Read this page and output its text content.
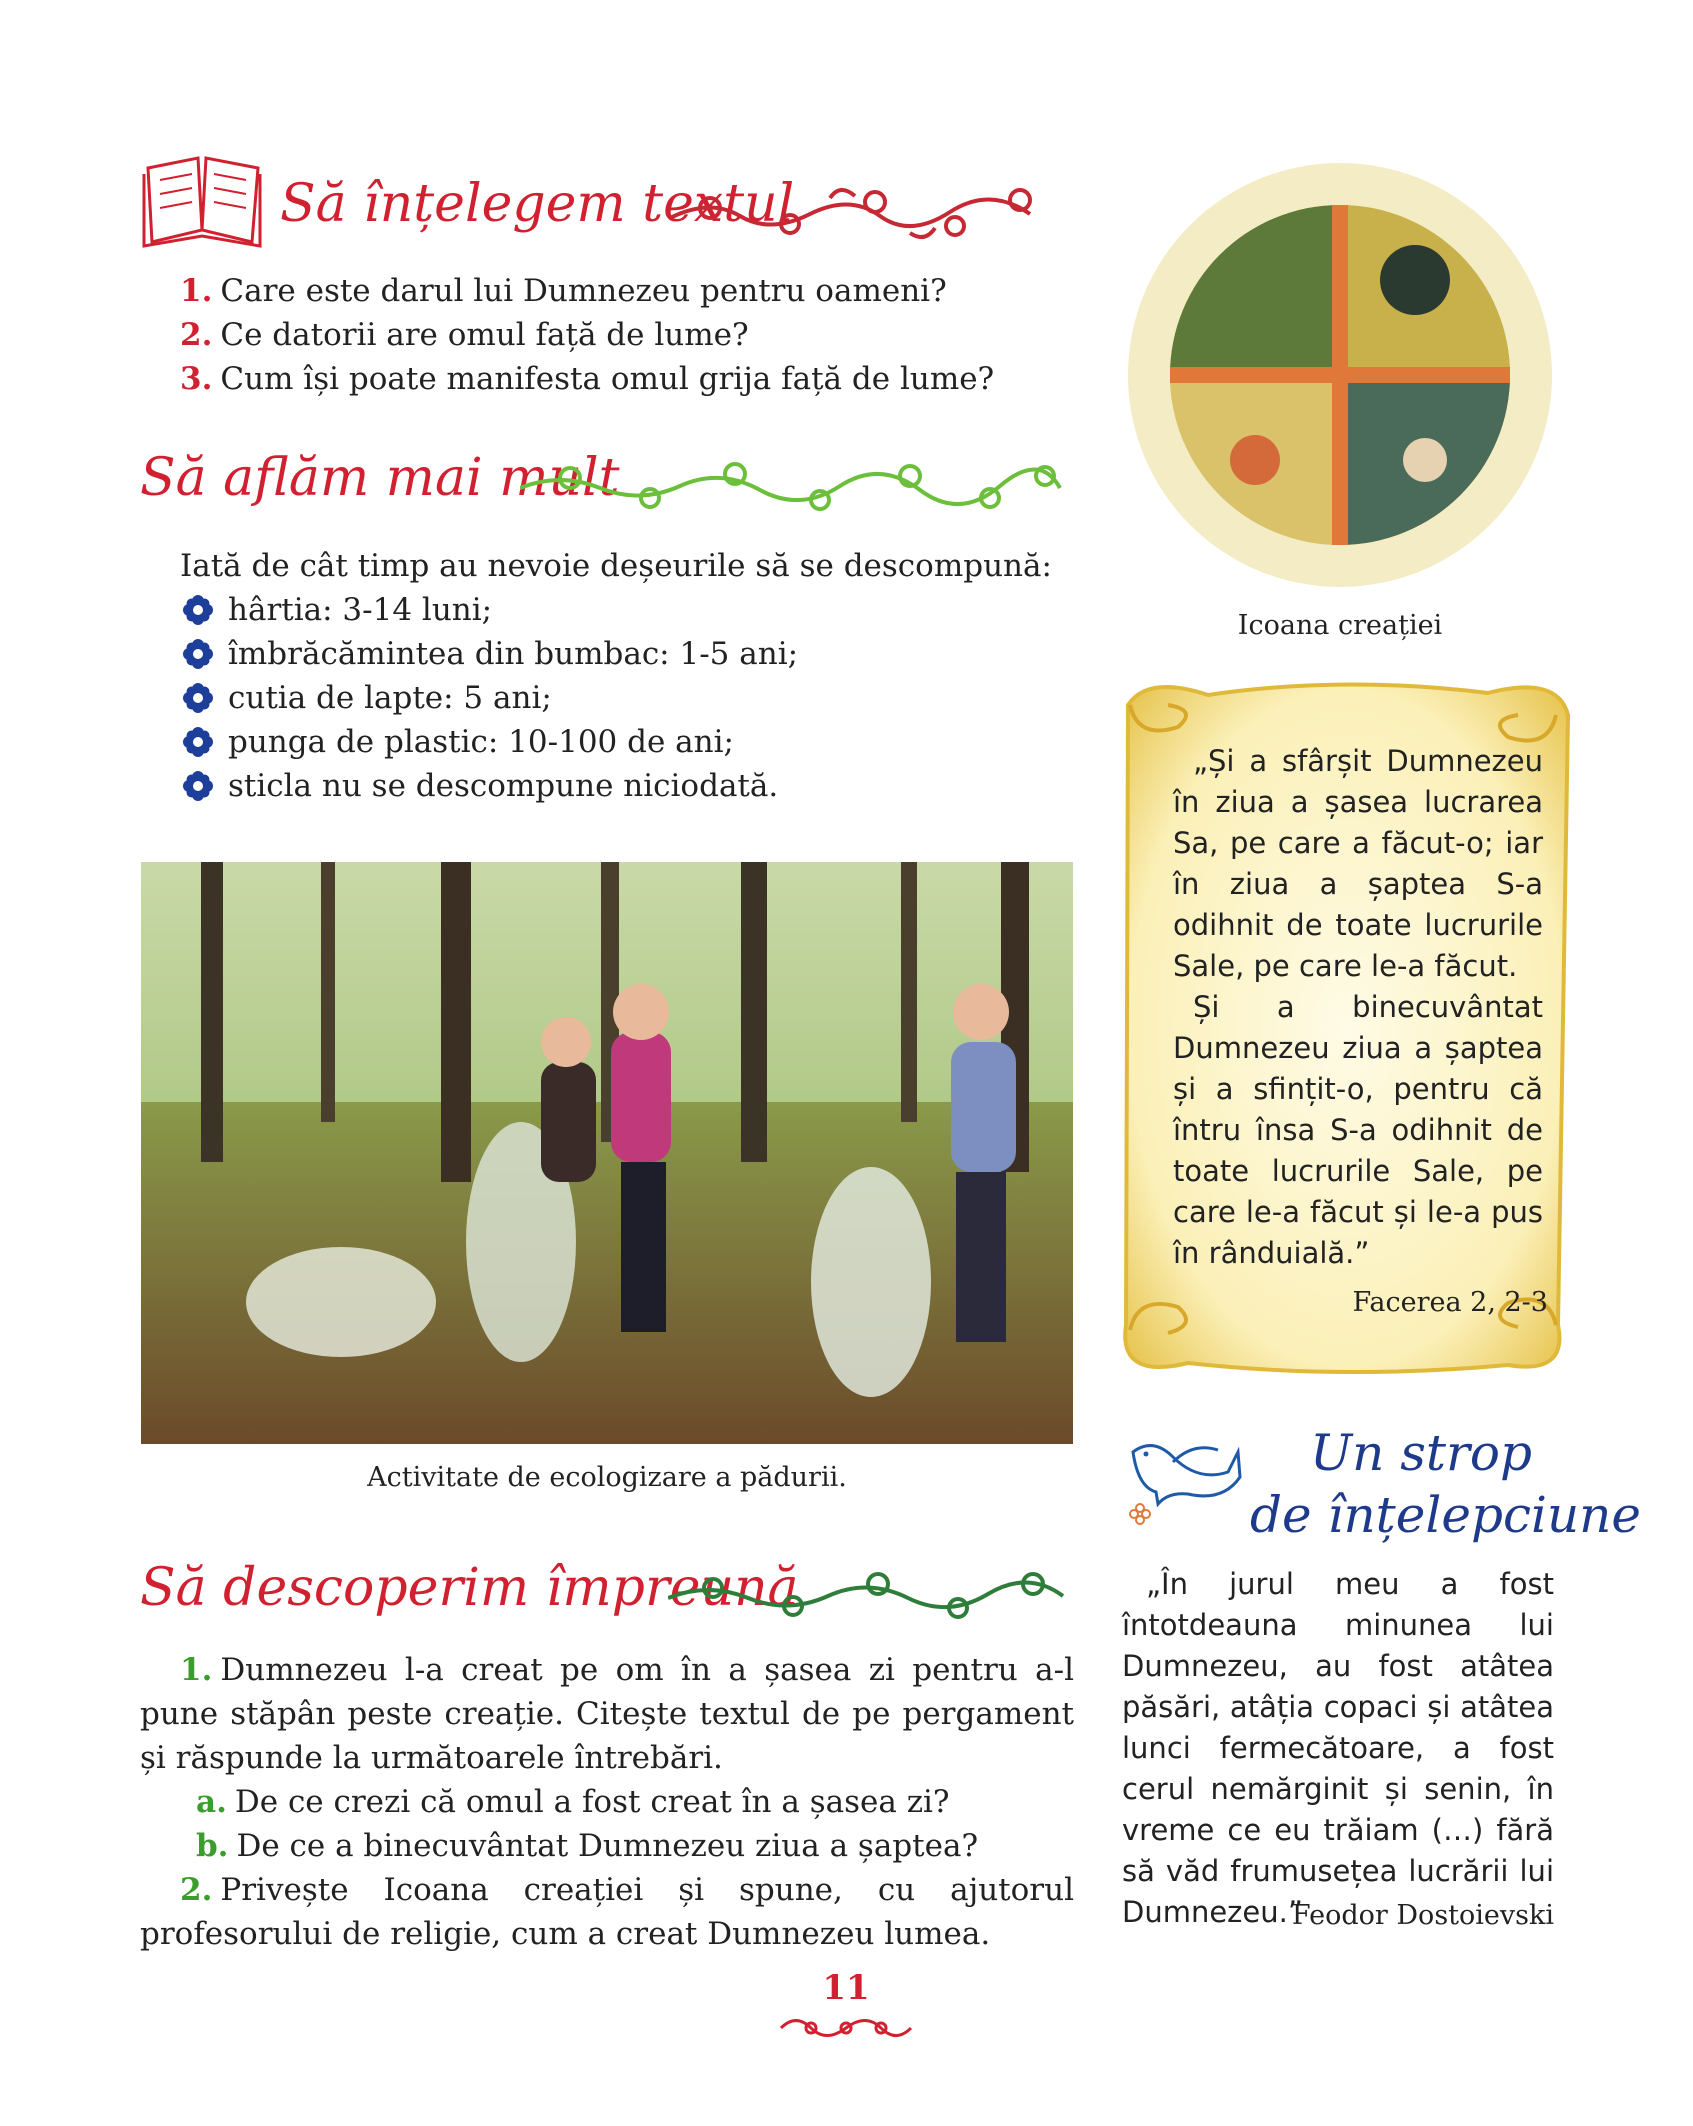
Să înțelegem textul
1. Care este darul lui Dumnezeu pentru oameni?
2. Ce datorii are omul față de lume?
3. Cum își poate manifesta omul grija față de lume?
Să aflăm mai mult
Iată de cât timp au nevoie deșeurile să se descompună:
hârtia: 3-14 luni;
îmbrăcămintea din bumbac: 1-5 ani;
cutia de lapte: 5 ani;
punga de plastic: 10-100 de ani;
sticla nu se descompune niciodată.
Activitate de ecologizare a pădurii.
Să descoperim împreună

1. Dumnezeu l-a creat pe om în a șasea zi pentru a-l pune stăpân peste creație. Citește textul de pe pergament și răspunde la următoarele întrebări.

a. De ce crezi că omul a fost creat în a șasea zi?
b. De ce a binecuvântat Dumnezeu ziua a șaptea?

2. Privește Icoana creației și spune, cu ajutorul profesorului de religie, cum a creat Dumnezeu lumea.

Icoana creației

„Și a sfârșit Dumnezeu în ziua a șasea lucrarea Sa, pe care a făcut-o; iar în ziua a șaptea S-a odihnit de toate lucrurile Sale, pe care le-a făcut.

Și a binecuvântat Dumnezeu ziua a șaptea și a sfințit-o, pentru că întru însa S-a odihnit de toate lucrurile Sale, pe care le-a făcut și le-a pus în rânduială.”

Facerea 2, 2-3
Un strop
de înțelepciune

„În jurul meu a fost întotdeauna minunea lui Dumnezeu, au fost atâtea păsări, atâția copaci și atâtea lunci fermecătoare, a fost cerul nemărginit și senin, în vreme ce eu trăiam (…) fără să văd frumusețea lucrării lui Dumnezeu.”

Feodor Dostoievski
11
